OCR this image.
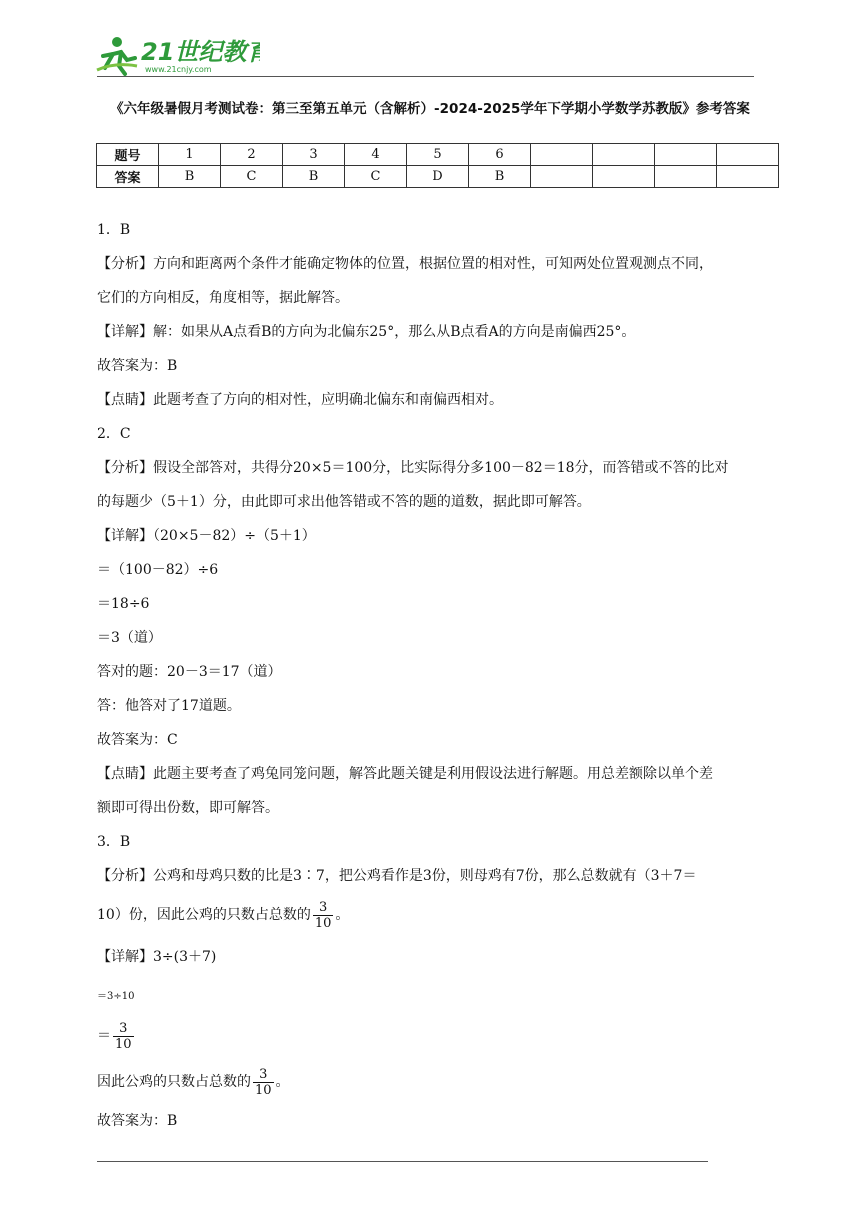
21世纪教育
www.21cnjy.com
《六年级暑假月考测试卷：第三至第五单元（含解析）-2024-2025学年下学期小学数学苏教版》参考答案
题号	1	2	3	4	5	6				
答案	B	C	B	C	D	B				
1．B
【分析】方向和距离两个条件才能确定物体的位置，根据位置的相对性，可知两处位置观测点不同，
它们的方向相反，角度相等，据此解答。
【详解】解：如果从A点看B的方向为北偏东25°，那么从B点看A的方向是南偏西25°。
故答案为：B
【点睛】此题考查了方向的相对性，应明确北偏东和南偏西相对。
2．C
【分析】假设全部答对，共得分20×5＝100分，比实际得分多100－82＝18分，而答错或不答的比对
的每题少（5＋1）分，由此即可求出他答错或不答的题的道数，据此即可解答。
【详解】（20×5－82）÷（5＋1）
＝（100－82）÷6
＝18÷6
＝3（道）
答对的题：20－3＝17（道）
答：他答对了17道题。
故答案为：C
【点睛】此题主要考查了鸡兔同笼问题，解答此题关键是利用假设法进行解题。用总差额除以单个差
额即可得出份数，即可解答。
3．B
【分析】公鸡和母鸡只数的比是3∶7，把公鸡看作是3份，则母鸡有7份，那么总数就有（3＋7＝
10）份，因此公鸡的只数占总数的 $\frac{3}{10}$ 。
【详解】3÷(3＋7)
＝3÷10
＝ $\frac{3}{10}$
因此公鸡的只数占总数的 $\frac{3}{10}$ 。
故答案为：B
